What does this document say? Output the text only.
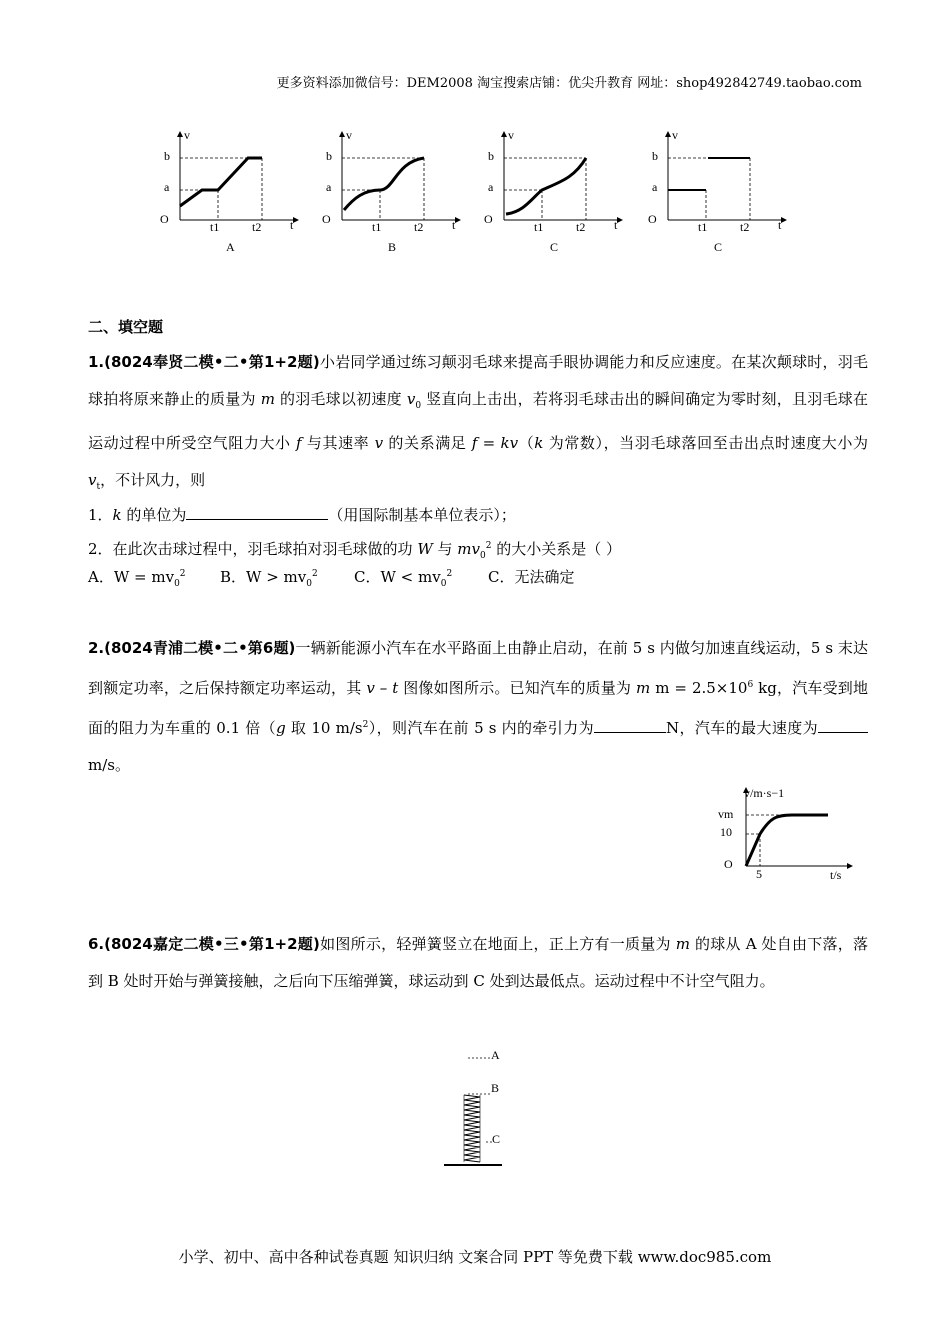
更多资料添加微信号：DEM2008 淘宝搜索店铺：优尖升教育 网址：shop492842749.taobao.com
v
b
a
O
t1	t2 t
A
v
b
a
O
t1	t2 t
B
v
b
a
O
t1	t2 t
C
v
b
a
O
t1	t2 t
C
二、填空题
1.(8024奉贤二模•二•第1+2题)小岩同学通过练习颠羽毛球来提高手眼协调能力和反应速度。在某次颠球时，羽毛球拍将原来静止的质量为 m 的羽毛球以初速度 $v_0$ 竖直向上击出，若将羽毛球击出的瞬间确定为零时刻，且羽毛球在运动过程中所受空气阻力大小 f 与其速率 v 的关系满足 f = kv（k 为常数），当羽毛球落回至击出点时速度大小为 $v_t$，不计风力，则
1．k 的单位为	（用国际制基本单位表示）；
2．在此次击球过程中，羽毛球拍对羽毛球做的功 W 与 $mv_0^2$ 的大小关系是（ ）
A．$W = mv_0^2$ B．$W > mv_0^2$ C．$W < mv_0^2$ C．无法确定
2.(8024青浦二模•二•第6题)一辆新能源小汽车在水平路面上由静止启动，在前 5 s 内做匀加速直线运动，5 s 末达到额定功率，之后保持额定功率运动，其 v – t 图像如图所示。已知汽车的质量为 m $m = 2.5\times 10^6$ kg，汽车受到地面的阻力为车重的 0.1 倍（g 取 10 $m/s^2$），则汽车在前 5 s 内的牵引力为	N，汽车的最大速度为m/s。
v/m·s−1
vm
10
O
5	t/s
6.(8024嘉定二模•三•第1+2题)如图所示，轻弹簧竖立在地面上，正上方有一质量为 m 的球从 A 处自由下落，落到 B 处时开始与弹簧接触，之后向下压缩弹簧，球运动到 C 处到达最低点。运动过程中不计空气阻力。
A
B
C
小学、初中、高中各种试卷真题 知识归纳 文案合同 PPT 等免费下载 www.doc985.com
